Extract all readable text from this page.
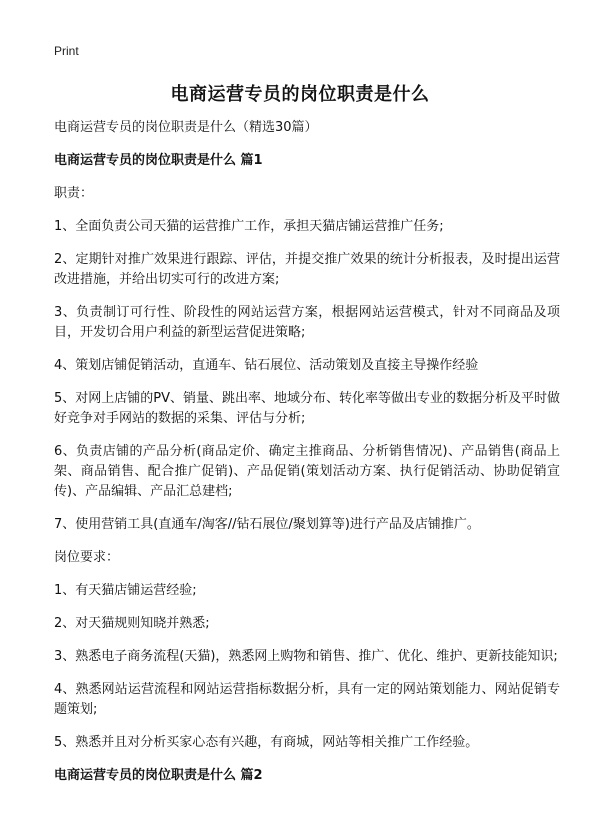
Print
电商运营专员的岗位职责是什么

电商运营专员的岗位职责是什么（精选30篇）

电商运营专员的岗位职责是什么 篇1

职责：

1、全面负责公司天猫的运营推广工作，承担天猫店铺运营推广任务;

2、定期针对推广效果进行跟踪、评估，并提交推广效果的统计分析报表，及时提出运营改进措施，并给出切实可行的改进方案;

3、负责制订可行性、阶段性的网站运营方案，根据网站运营模式，针对不同商品及项目，开发切合用户利益的新型运营促进策略;

4、策划店铺促销活动，直通车、钻石展位、活动策划及直接主导操作经验

5、对网上店铺的PV、销量、跳出率、地域分布、转化率等做出专业的数据分析及平时做好竞争对手网站的数据的采集、评估与分析;

6、负责店铺的产品分析(商品定价、确定主推商品、分析销售情况)、产品销售(商品上架、商品销售、配合推广促销)、产品促销(策划活动方案、执行促销活动、协助促销宣传)、产品编辑、产品汇总建档;

7、使用营销工具(直通车/淘客//钻石展位/聚划算等)进行产品及店铺推广。

岗位要求：

1、有天猫店铺运营经验;

2、对天猫规则知晓并熟悉;

3、熟悉电子商务流程(天猫)，熟悉网上购物和销售、推广、优化、维护、更新技能知识;

4、熟悉网站运营流程和网站运营指标数据分析，具有一定的网站策划能力、网站促销专题策划;

5、熟悉并且对分析买家心态有兴趣，有商城，网站等相关推广工作经验。

电商运营专员的岗位职责是什么 篇2
